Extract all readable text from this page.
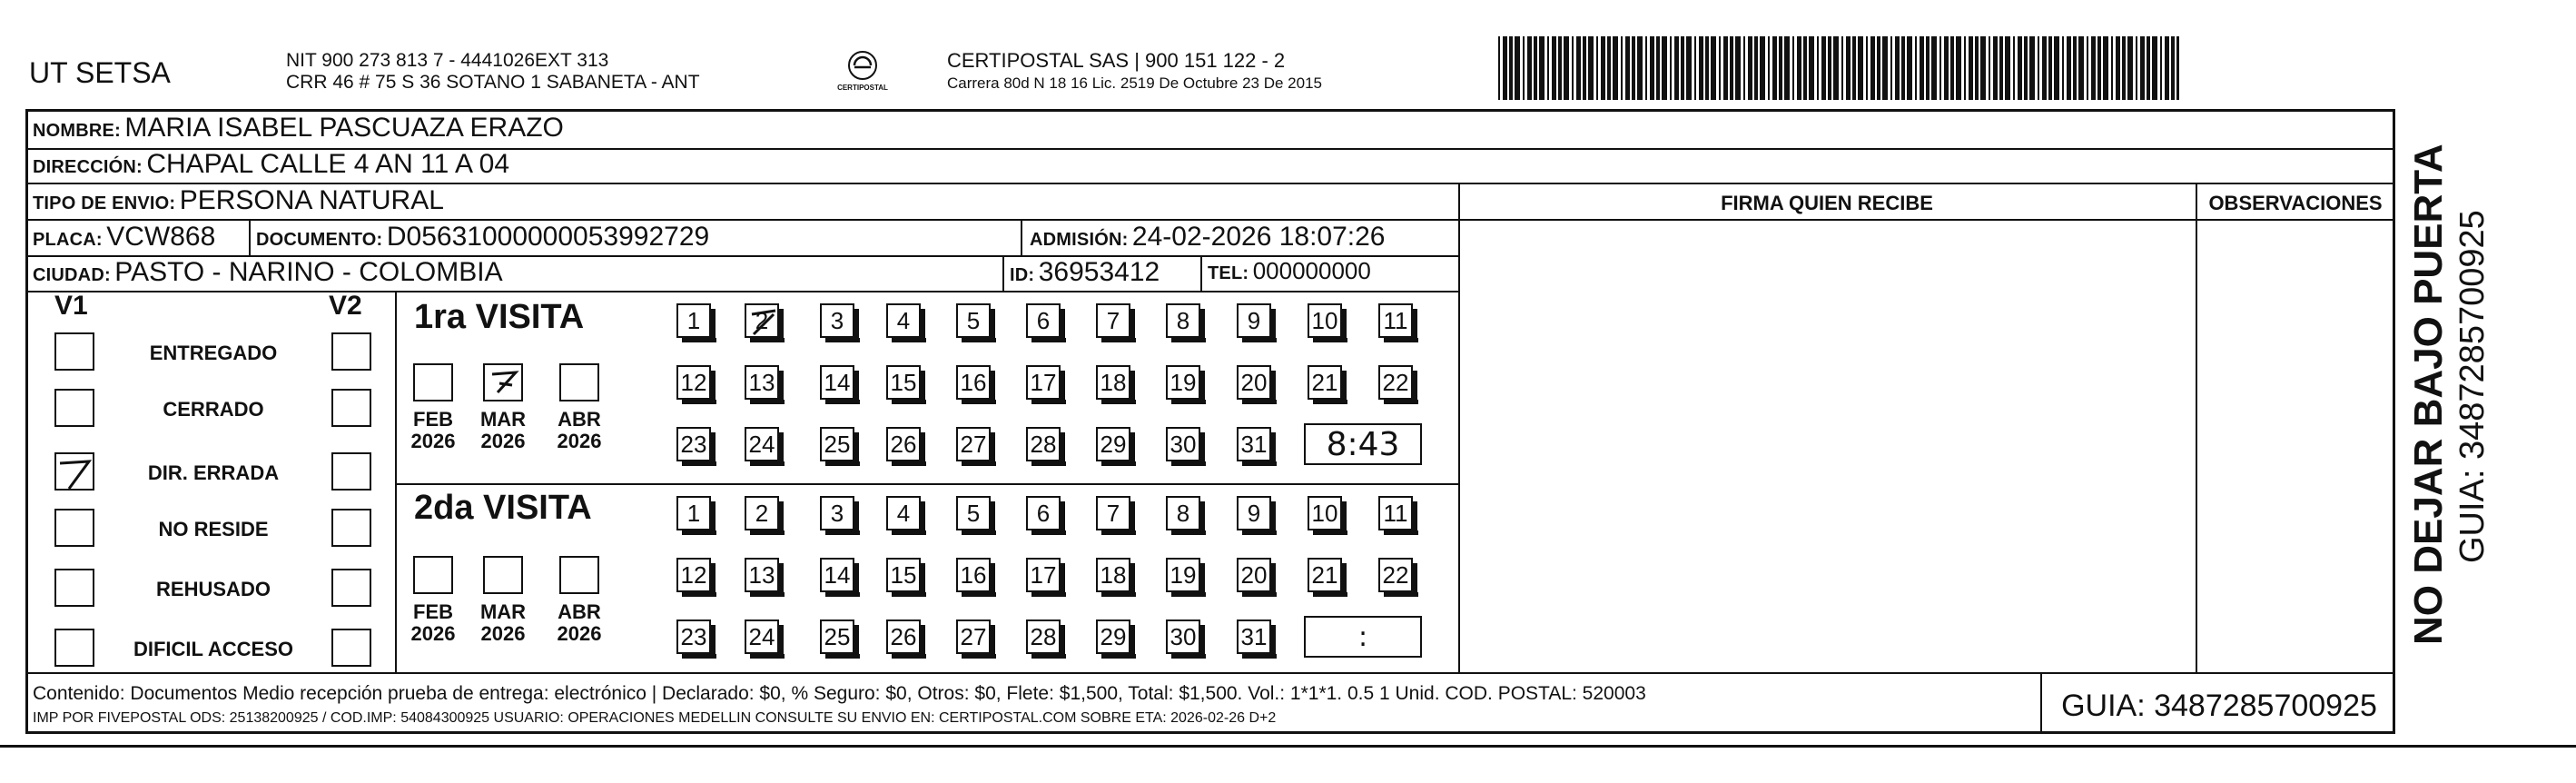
UT SETSA	NIT 900 273 813 7 - 4441026EXT 313
CRR 46 # 75 S 36 SOTANO 1 SABANETA - ANT	CERTIPOSTAL
CERTIPOSTAL SAS | 900 151 122 - 2
Carrera 80d N 18 16 Lic. 2519 De Octubre 23 De 2015
NOMBRE: MARIA ISABEL PASCUAZA ERAZO
DIRECCIÓN: CHAPAL CALLE 4 AN 11 A 04
TIPO DE ENVIO: PERSONA NATURAL
PLACA: VCW868 DOCUMENTO: D05631000000053992729	ADMISIÓN: 24-02-2026 18:07:26
CIUDAD: PASTO - NARINO - COLOMBIA	ID: 36953412	TEL: 000000000
FIRMA QUIEN RECIBE	OBSERVACIONES
Contenido: Documentos Medio recepción prueba de entrega: electrónico | Declarado: $0, % Seguro: $0, Otros: $0, Flete: $1,500, Total: $1,500. Vol.: 1*1*1. 0.5 1 Unid. COD. POSTAL: 520003
IMP POR FIVEPOSTAL ODS: 25138200925 / COD.IMP: 54084300925 USUARIO: OPERACIONES MEDELLIN CONSULTE SU ENVIO EN: CERTIPOSTAL.COM SOBRE ETA: 2026-02-26 D+2	GUIA: 3487285700925
V1	V2
ENTREGADO
CERRADO
DIR. ERRADA
NO RESIDE
REHUSADO
DIFICIL ACCESO
1ra VISITA
2da VISITA
FEB
2026
MAR
2026
ABR
2026
1	2	3	4	5	6	7	8	9	10 11
12 13 14 15 16 17 18 19 20 21 22
23 24 25 26 27 28 29 30 31	8:43
FEB
2026
MAR
2026
ABR
2026
1	2	3	4	5	6	7	8	9	10 11
12 13 14 15 16 17 18 19 20 21 22
23 24 25 26 27 28 29 30 31	:	NO DEJAR BAJO PUERTA GUIA: 3487285700925
